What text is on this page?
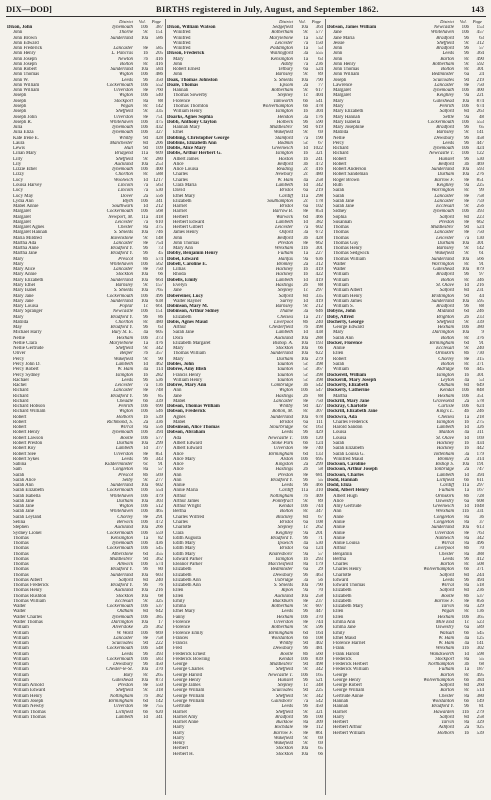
DIX—DOD]	BIRTHS registered in July, August, and September 1862.	143
District Vol. Page
Dixon, John	Tynemouth	10b	387
John	Thorne	9c	151
John Brown	Sunderland	10a	586
John Edward
John Frederick	Lancaster	8e	585
John Henry	L. Pancras	1b	205
John Joseph	Newton	7b	416
John Joseph	Bolton	8c	416
John Robert	Sunderland	10a	584
John Thomas	Wigton	10b	486
John W.	Leeds	9b	350
John William	Cockermouth	10b	552
John William	Ulverston	8e	760
Joseph	Wigton	10b	540
Joseph	Stockport	8a	88
Joseph	Wigan	8c	142
Joseph	Sheffield	9c	335
Joseph John	Ulverston	8e	751
Joseph R.	Whitehaven	10b	475
Julia	Tynemouth	10b	432
Julia Eliza	Tynemouth	10b	327
Kate Irene E.	Whitby	9d	428
Laura	Manchester	8d	206
Lewis	Hull	9d	109
Lilian Mary	Bridgend	11a	609
Lilly	Sheffield	9c	280
Lily	Auckland	10a	253
Lizzie Ethel	Tynemouth	10b	400
Lizzy	Chorlton	8c	588
Lucy	Woolwich	1d	1217
Louisa Harvey	Lincoln	7a	563
Lucy	Lincoln	7a	530
Lucy May	Dover	2a	556
Lydia Ann	Blyth	10b	341
Mabel Annie	Southwark	1d	212
Margaret	Cockermouth	10b	568
Margaret	Newport, M.	11a	418
Margaret	Leicester	7a	610
Margaret Agnes	Chester	8a	375
Margaret Hannah	S. Shields	10a	746
Maria Mildred	Ravenstone	9c	148
Martha Ada	Lancaster	8e	754
Martha Anne	Bradford Y.	9b	73
Martha Jane	Bradford Y.	9b	45
Mary	Prescot	8b	574
Mary	Whitehaven	10b	562
Mary Alice	Lancaster	8e	750
Mary Annie	Stockton	10a	66
Mary Elizabeth	Sunderland	10a	664
Mary Ethel	Barnsley	9c	157
Mary Isabel	S. Shields	10a	765
Mary Jane	Cockermouth	10b	496
Mary Jane	Sunderland	10a	638
Mary Louisa	Poplar	1c	661
Mary Spranger	Newcastle	10b	151
Mary	Bradford Y.	9b	86
Matilda	Chorlton	8c	480
May	Bradford Y.	9b	63
Michael Harry	Bury St. E.	4a	605
Nellie	Hexham	10b	373
Nellie Clara	Marylebone	1a	476
Nellie Gertrude	Sheffield	9c	342
Oliver	Belper	7b	357
Percy	Wakefield	9c	90
Percy John D.	Lambeth	1d	462
Percy Robert	W. Ham	4a	114
Percy Sydney	Islington	1b	282
Rachael	Leeds	9b	536
Rachel	Leicester	7a	136
Richard	Lancaster	8e	748
Richard	Bradford Y.	9b	85
Richard	Cheadle	6b	339
Richard Hobson	Penrith	10b	690
Richard William	Wigton	10b	546
Robert	Holborn	1b	539
Robert	Richmond, S.	2a	336
Robert	Wirral	8a	556
Robert Henry	Tynemouth	10b	394
Robert Lawson	Bootle	10b	577
Robert Preston	Durham	10a	299
Robert Roy	Lambeth	1d	377
Robert Slee	Ulverston	8e	851
Robert Sykes	Leeds	9b	343
Sabina	Kidderminster	6c	91
Sam	Congleton	8a	57
Sarah	Prescot	8b	569
Sarah Alice	Selby	9c	277
Sarah Ann	Sunderland	10a	602
Sarah Elizabeth	Cockermouth	10b	554
Sarah Isabella	Whitehaven	10b	479
Sarah Jane	Durham	10a	303
Sarah Jane	Wigton	10b	512
Sarah Jane	Whitehaven	10b	465
Sarah Leyland	Chorley	8e	291
Selina	Berwick	10b	472
Stephen	Auckland	10a	266
Sydney Lionel	Cockermouth	10b	559
Thomas	Kensington	1a	82
Thomas	Tynemouth	10b	436
Thomas	Cockermouth	10b	545
Thomas	Atherstone	6d	355
Thomas	Middlesbro'	9d	362
Thomas	Alnwick	10b	574
Thomas	Bradford Y.	9b	80
Thomas	Sunderland	10a	603
Thomas Albert	Salford	8d	240
Thomas Frederick	Bradford Y.	9b	76
Thomas Henry	Auckland	10a	216
Thomas Rushton	Stockton	10a	68
Thomas William	Ecclesall	9c	325
Walter	Cockermouth	10b	537
Walter	Oldham	8d	642
Walter Charles	Tynemouth	10b	385
Walter Thomas	Darlington	10a	17
William	Alverstoke	2b	362
William	W. Ward	10b	669
William	Lancaster	8e	758
William	Sculcoates	9d	222
William	Cockermouth	10b	548
William	Leeds	9b	393
William	Cockermouth	10b	583
William	Dewsbury	9b	450
William	Chester-le-St.	10a	370
William	Bury	8c	265
William	Gateshead	10a	873
William Arnold	Preston	8e	550
William Edward	Sheffield	9c	318
William Henry	Nottingham	7b	382
William Joseph	Birmingham	6d	142
William Newby	Ulverston	8e	755
William Thomas	Lichfield	6b	620
William Thomas	Lambeth	1d	341
District Vol. Page
Dixon, William Watson	Sedgefield	10a	364
Winifred	Rotherham	9c	577
Winifred	Marylebone	1a	532
Winifred	Leicester	7a	150
Winifred	Paddington	1a	53
Dixson, Frederick	Wallingford	3a	555
Mary	Kensington	1a	63
John	Ashby	7a	236
Robert Ernest	Tetbury	6a	524
John	Barnsley	9c	89
Doak, Thomas Johnston	S. Shields	10a	790
Doale, Thomas	Epsom	2a	77
Hannah	Rotherham	9c	617
Thomas Sowerby	Stepney	1c	404
Florence	Tamworth	6b	541
Thomas Thornton	Wolverhampton	6b	478
William Henry	Islington	1b	304
Doarks, Agnes Sophia	Hendon	3a	176
Dobb, Anthony Clayton	Holbeck	9b	590
Hannah Mary	Middlesbro'	9d	619
Ethel	Wakefield	9c	69
Dobbing, Christopher George	Stamford	7a	190
Dobbins, Elizabeth Ann	Bodmin	5c	67
Dobbs, Alice Mary	Greenwich	1d	1022
Dobbs, Arthur Herbert G.	Islington	1b	321
Albert James	Hoxton	1b	241
Alice	Bedford	3b	472
Alice Louisa	Reading	2c	416
Charles	Newbury	2c	480
Charles	W. Ham	4a	258
Clara Maria	Lambeth	1d	342
David	Bristol	6a	219
Ethel Mary	Cardiff	11a	298
Elizabeth	Southampton	2c	178
Harriet	Bristol	6a	102
Harriet	Barrow B.	8e	854
Herbert	Warwick	6d	466
Herbert Edward	Lambeth	1d	382
Herbert Gilbert	Leicester	7a	602
James Henry	Oxford	3a	672
John	Bedford	3b	428
John Thomas	Preston	8e	662
Mary Ann	Wrexham	11b	301
Dobby, Benjamin Henry	Fulham	1a	227
Dobel, Edward	Halifax	9a	636
Dobell, Caroline E.	Bromley	2a	312
Lillias	Hackney	1b	419
Rhoda	Hackney	1b	422
Dobells, Emily	Lambeth	1d	419
Evelyn	Hastings	2b	88
Jane	Stepney	1c	297
Dobereiner, Lucy	Salford	8d	335
Walter Rayner	Surrey	1d	419
Dobinson, Mary M.	Barnsley	9c	212
Dobinson, Arthur Sidney	Thame	3a	646
Elizabeth	Chelsea	1a	217
Dobis, Agnes Maud	Liverpool	8b	240
Arthur	Chesterfield	7b	498
Sarah Jane	Lambeth	1d	438
Dora	Auckland	10a	288
Elizabeth Margaret	Bishop. A.	10a	193
Mary	Stockton	10a	66
Thomas William	Sunderland	10a	622
Mary	Durham	10a	279
Dobles, John	Taunton	5c	398
Dobree, Amy Blish	Taunton	5c	367
Francis Henry	Taunton	5c	398
William Henry	Taunton	5c	398
Dobrée, Mary Ann	Cambridge	3b	542
Ann	Wigton	10b	547
Jane	Hastings	2b	88
Mabel	Lancaster	8e	750
Dobson, Thomas William	Whitby	9d	427
Dobson, Frederick	Bolton, M.	8c	307
Agnes	Sunderland	10a	678
Mabel	Bristol	6a	111
Dobsinson, Alice Thomas	Stourbridge	6c	163
Dobson, Abraham	Leeds	9b	429
Ada	Newcastle T.	10b	120
Albert Edward	Stoke Park	6b	124
Albert Edward	Ulverston	8e	740
Alice	Birmingham	6d	133
Alice Mary	Alston	10b	695
Alice	Kingston	2a	299
Alice	Hastings	2b	58
Ann	Preston	8e	681
Ann	Bradford Y.	9b	55
Annie	Leeds	9b	466
Annie Maria	Cardiff	11a	310
Arthur	Nottingham	7b	409
Arthur James	Pontefract	9c	89
Arthur Wright	Kendal	10b	744
Bertha	Bolton	8c	347
Charles Wilfred	Blackley	8d	67
Charles	Bristol	6a	108
Charlotte	Stepney	1c	262
Clara	Keighley	9a	201
Edith Augusta	Bradford Y.	9b	71
Edith Mary	Ipswich	4a	530
Edith Mary	Bristol	6a	124
Edith Mary	Knaresboro'	9a	57
Edward Parker	Islington	1b	293
Eleanor Parker	Macclesfield	8a	179
Elizabeth	Bedminster	6a	29
Elizabeth	Dewsbury	9b	463
Elizabeth Ann	Uxbridge	3a	56
Elizabeth Ann	S. Shields	10a	790
Ellen	Ripon	9a	70
Ellen	Auckland	10a	258
Emily	Blackburn	8e	237
Emma	Rotherham	9c	607
Ethel Mary	Leeds	9b	447
Fanny	Hexham	10b	370
Florence	Ulverston	8e	744
Florence	Rotherham	9c	596
Florence Emily	Birmingham	6d	164
Frances	Wolstanton	6b	108
Francis	Whitby	9d	402
Fred	Dewsbury	9b	481
Frederick Ernest	Bootle	8b	560
Frederick Bowling	Kendal	10b	839
George	Middlesbro'	9d	498
George Charles	Sheffield	9c	342
George Harold	Newcastle T.	10b	165
George Henry	Hunslet	9b	521
George James	Stepney	1c	348
George William	Sculcoates	9d	225
George William	Sheffield	9c	342
George William	Gainsboro'	7a	542
Gertrude	Leeds	9b	450
Harriet	Sheffield	9c	321
Harriet Amy	Bradford	9b	100
Harriet Anne	Bucklow	8a	309
Harry	Rochdale	8e	112
Harry	Barrow F.	8e	861
Harry	Wakefield	9c	69
Henry	Wakefield	9c	69
Herbert	Stockton	10a	65
Herbert H.	Stockton	10a	66
District Vol. Page
Dobson, James William	Newcastle	10b	153
Jane	Whitehaven	10b	457
Jane Maria	Bradford	9b	63
Jessie	Sheffield	9c	312
John	Bradford	9b	57
John	Leeds	9b	364
John	Barton	8c	490
John Henry	Rotherham	9c	592
John Thomas	Bolton	8c	301
John William	Bedminster	6a	24
Joseph	Sculcoates	9d	219
Lawrence	Lancaster	8e	750
Margaret	Tynemouth	10b	400
Margaret	Keighley	9a	221
Mary	Gateshead	10a	874
Mary	Penrith	10b	674
Mary Elizabeth	Salford	8d	263
Mary Hannah	Settle	9a	48
Mary Isabella	Cockermouth	10b	553
Mary Josephine	Bradford	9b	65
Matilda	Barnsley	9c	141
Nellie	Dewsbury	9b	458
Percy	Leeds	9b	447
Richard	Tynemouth	10b	424
Richard	Newcastle T.	10b	122
Robert	Hunslet	9b	530
Robert	Bedford	3b	469
Robert Anderson	Sunderland	10a	593
Robert Sandeman	Durham	10a	276
Roger Brown	Barrow F.	8e	851
Ruth	Keighley	9a	225
Sarah	Warrington	8c	99
Sarah	Lancaster	8e	758
Sarah Jane	Lancaster	8e	759
Sarah Jane	Ecclesall	9c	256
Sidney	Tynemouth	10b	393
Sophia	Salford	8d	223
Susannah	Preston	8e	662
Thomas	Middlesbro'	9d	524
Thomas	Lancaster	8e	750
Thomas	Leicester	7a	130
Thomas Guy	Durham	10a	301
Thomas Henry	Barnsley	9c	142
Thomas Sedgwick	Wakefield	9c	61
Thomas William	Sunderland	10a	566
Walter	Warrington	8c	91
Walter	Gateshead	10a	879
William	Bradford	9b	97
William	Bolton	8c	346
William	St. Olave	1d	216
William Albert	Salford	8d	231
William Henry	Bridlington	9d	44
William James	Sunderland	10a	595
William S.	Bradford	9b	88
Dobyns, John	Midland	6d	246
Doby, Alfred	Brighton	2b	233
Docherty, George	Sheffield	9c	339
George Edward	Hexham	10b	380
Mary	Darlington	10a	9
Sarah Ann	Bolton	8c	376
Docker, Florence	Birmingham	6d	91
Annie	Ecclesall	9c	240
Ellen	Ormskirk	8b	730
Robert	Chorley	8e	315
Sarah	Bolton	8c	371
William	Aldridge	6b	445
Dockerell, William	Islington	1b	301
Dockerill, Mary Joseph	Leyton	4a	53
Dockerty, Elizabeth	Oldham	8d	649
Dockerty, Catherine	Kendal	10b	848
Martha	Hexham	10b	351
Dockrill, Mary Jane	Gravesend	2a	578
Dockray, Charlotte	Carlisle	10b	624
Dockrill, Elizabeth Jane	King's L.	4b	246
Dockwra, Ada	Chelsea	1a	218
Charles Frederick	Islington	1b	275
Harold Sandon	Lambeth	1d	326
Louisa	Maldon	4a	311
Louisa	St. Olave	1d	169
Sarah	Hackney	1b	434
Sarah Elizabeth	Hackney	1b	442
Sarah Louisa G.	Tottenham	3a	179
Winifred Maud	Bromley	2a	314
Dockson, Caroline	Bishop S.	10a	191
Dockson, Arthur Joseph	Tonbridge	2a	747
Dockson, Charles	Lambeth	1d	394
Dodd, Hannah	Lichfield	6b	611
Dodd, Eliza	Cardiff	11a	297
Dodd, Albert Henry	Fulham	1a	167
Albert Hugh	Ormskirk	8b	728
Alice	Oswestry	6a	608
Amy Gertrude	Greenwich	1d	1048
Ann	Wrexham	11b	331
Anne	Congleton	8a	36
Annie	Congleton	8a	37
Annie	Sunderland	10a	613
Annie	Ulverston	8e	763
Annie	Nantwich	8a	342
Annie Louisa	Wirral	8a	496
Arthur	Liverpool	8b	70
Benjamin	Chester	8a	388
Bertha	Leeds	9b	412
Charles	Barton	8c	508
Charles Henry	Wolverhampton	6b	371
Charlotte	Salford	8d	244
Edward	Leeds	9b	494
Edward Thomas	Wirral	8a	518
Elizabeth	Salford	8d	236
Elizabeth	Bootle	8b	537
Elizabeth	Barrow F.	8e	856
Elizabeth Mary	Tarvin	8a	329
Ellen	Wigan	8c	136
Ellen	Hexham	10b	365
Emma Ann	Mile End	1c	523
Emma Jane	Oswestry	6a	589
Emily	Walsall	6b	545
Ethel Maud	W. Ham	4a	125
Florence Harriet	W. Ham	4a	141
Frank	Wrexham	11b	302
Frank Harold	Wandsworth	1d	598
Frederick	Stockport	8a	55
Frederick Herbert	Northampton	3b	68
Frederick William	Fulham	1a	187
George	Barton	8c	495
George Henry	Wolverhampton	6b	384
George Robert	Salford	8d	260
George William	Barton	8c	514
Gertrude Annie	Chester	8a	380
Hannah	Wolstanton	6b	149
Hannah	Bradford Y.	9b	81
Harriet	Hawarden	11b	279
Harry	Salford	8d	258
Herbert	Tarvin	8a	329
Herbert Arthur	Ashford	2a	925
Herbert William	Holborn	1b	539
